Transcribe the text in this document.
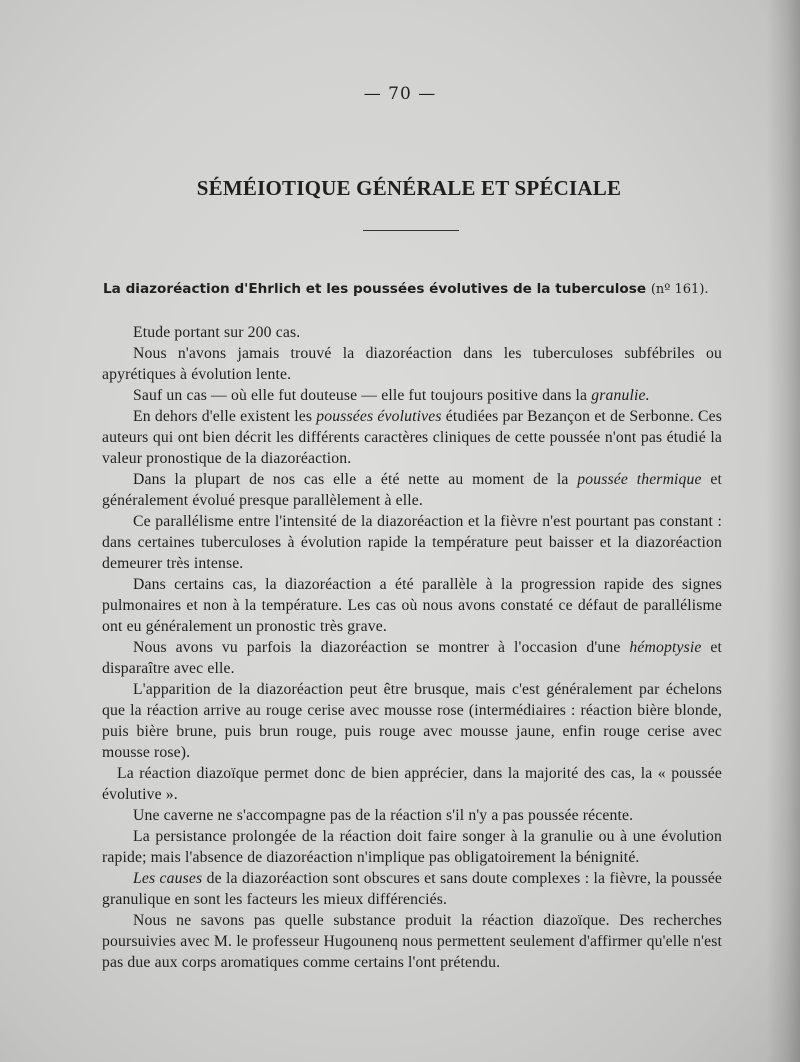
— 70 —
SÉMÉIOTIQUE GÉNÉRALE ET SPÉCIALE
La diazoréaction d'Ehrlich et les poussées évolutives de la tuberculose (nº 161).

Etude portant sur 200 cas.

Nous n'avons jamais trouvé la diazoréaction dans les tuberculoses subfébriles ou apyrétiques à évolution lente.

Sauf un cas — où elle fut douteuse — elle fut toujours positive dans la granulie.

En dehors d'elle existent les poussées évolutives étudiées par Bezançon et de Serbonne. Ces auteurs qui ont bien décrit les différents caractères cliniques de cette poussée n'ont pas étudié la valeur pronostique de la diazoréaction.

Dans la plupart de nos cas elle a été nette au moment de la poussée thermique et généralement évolué presque parallèlement à elle.

Ce parallélisme entre l'intensité de la diazoréaction et la fièvre n'est pourtant pas constant : dans certaines tuberculoses à évolution rapide la température peut baisser et la diazoréaction demeurer très intense.

Dans certains cas, la diazoréaction a été parallèle à la progression rapide des signes pulmonaires et non à la température. Les cas où nous avons constaté ce défaut de parallélisme ont eu généralement un pronostic très grave.

Nous avons vu parfois la diazoréaction se montrer à l'occasion d'une hémoptysie et disparaître avec elle.

L'apparition de la diazoréaction peut être brusque, mais c'est généralement par échelons que la réaction arrive au rouge cerise avec mousse rose (intermédiaires : réaction bière blonde, puis bière brune, puis brun rouge, puis rouge avec mousse jaune, enfin rouge cerise avec mousse rose).

La réaction diazoïque permet donc de bien apprécier, dans la majorité des cas, la « poussée évolutive ».

Une caverne ne s'accompagne pas de la réaction s'il n'y a pas poussée récente.

La persistance prolongée de la réaction doit faire songer à la granulie ou à une évolution rapide; mais l'absence de diazoréaction n'implique pas obligatoirement la bénignité.

Les causes de la diazoréaction sont obscures et sans doute complexes : la fièvre, la poussée granulique en sont les facteurs les mieux différenciés.

Nous ne savons pas quelle substance produit la réaction diazoïque. Des recherches poursuivies avec M. le professeur Hugounenq nous permettent seulement d'affirmer qu'elle n'est pas due aux corps aromatiques comme certains l'ont prétendu.
